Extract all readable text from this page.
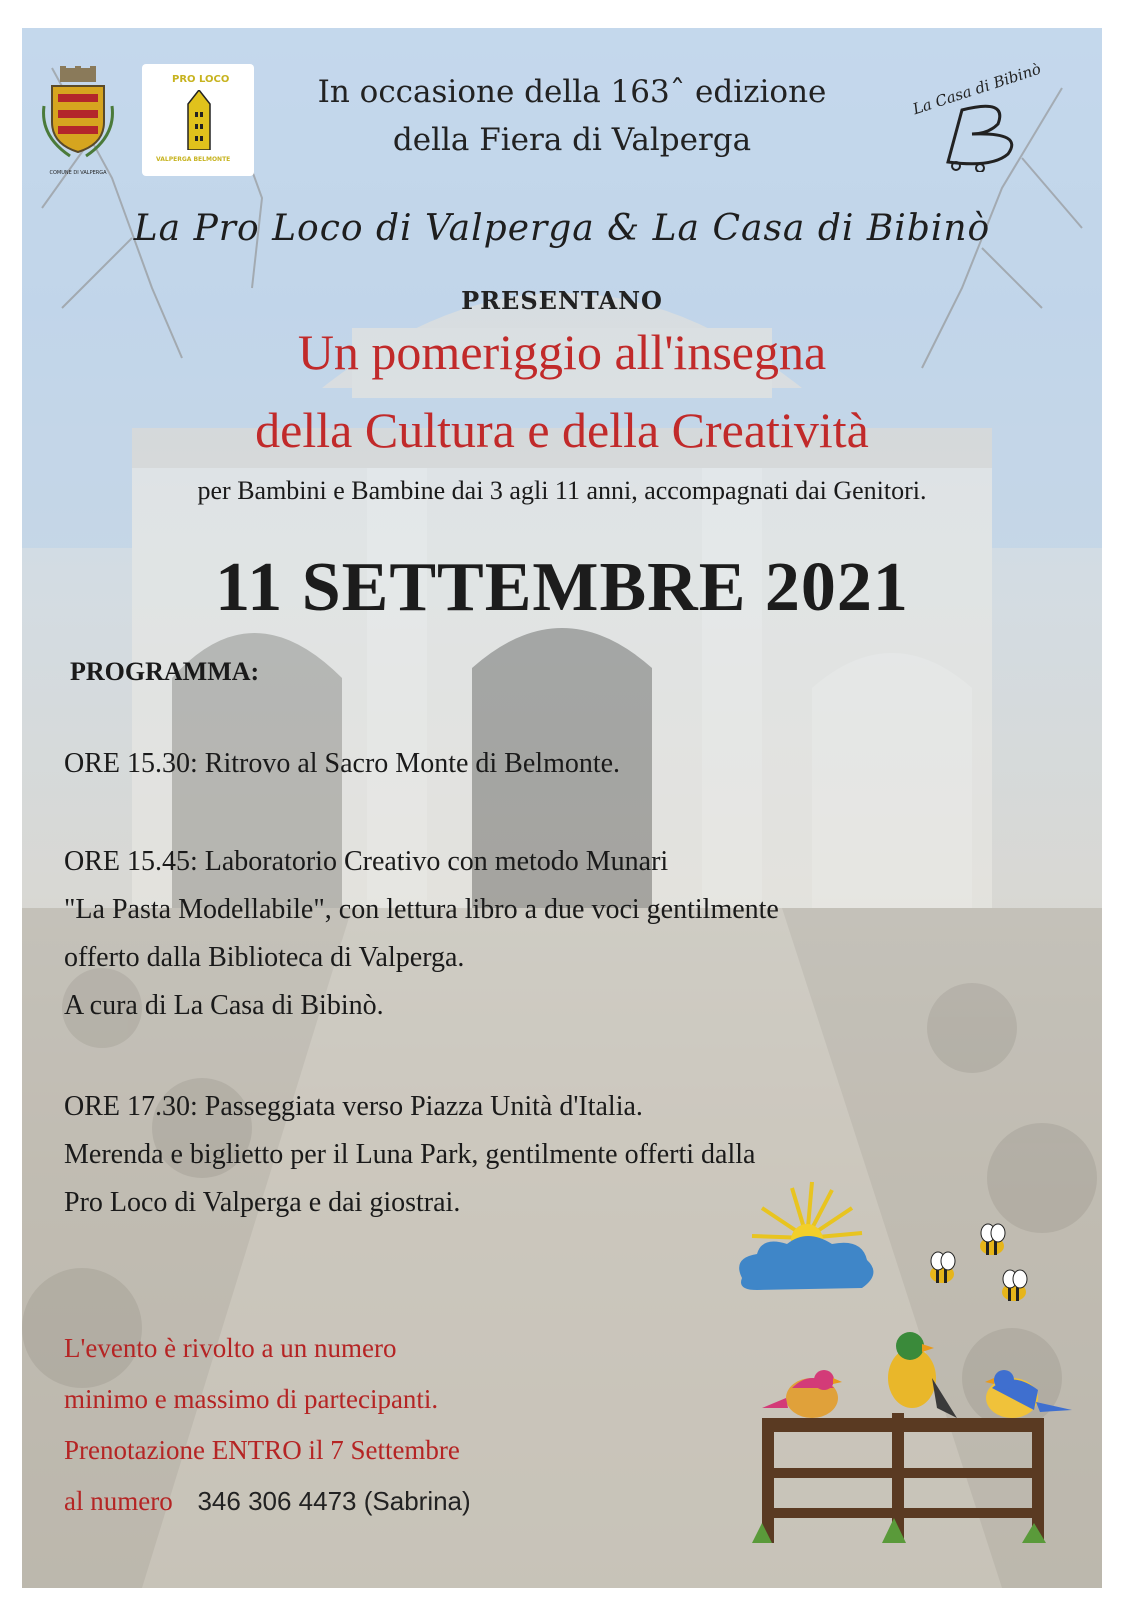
COMUNE DI VALPERGA
PRO LOCO
VALPERGA BELMONTE
In occasione della 163ˆ edizione
della Fiera di Valperga
La Casa di Bibinò
La Pro Loco di Valperga & La Casa di Bibinò
PRESENTANO
Un pomeriggio all'insegna
della Cultura e della Creatività
per Bambini e Bambine dai 3 agli 11 anni, accompagnati dai Genitori.
11 SETTEMBRE 2021
PROGRAMMA:
ORE 15.30: Ritrovo al Sacro Monte di Belmonte.
ORE 15.45: Laboratorio Creativo con metodo Munari
"La Pasta Modellabile", con lettura libro a due voci gentilmente
offerto dalla Biblioteca di Valperga.
A cura di La Casa di Bibinò.
ORE 17.30: Passeggiata verso Piazza Unità d'Italia.
Merenda e biglietto per il Luna Park, gentilmente offerti dalla
Pro Loco di Valperga e dai giostrai.
L'evento è rivolto a un numero
minimo e massimo di partecipanti.
Prenotazione ENTRO il 7 Settembre
al numero 346 306 4473 (Sabrina)
